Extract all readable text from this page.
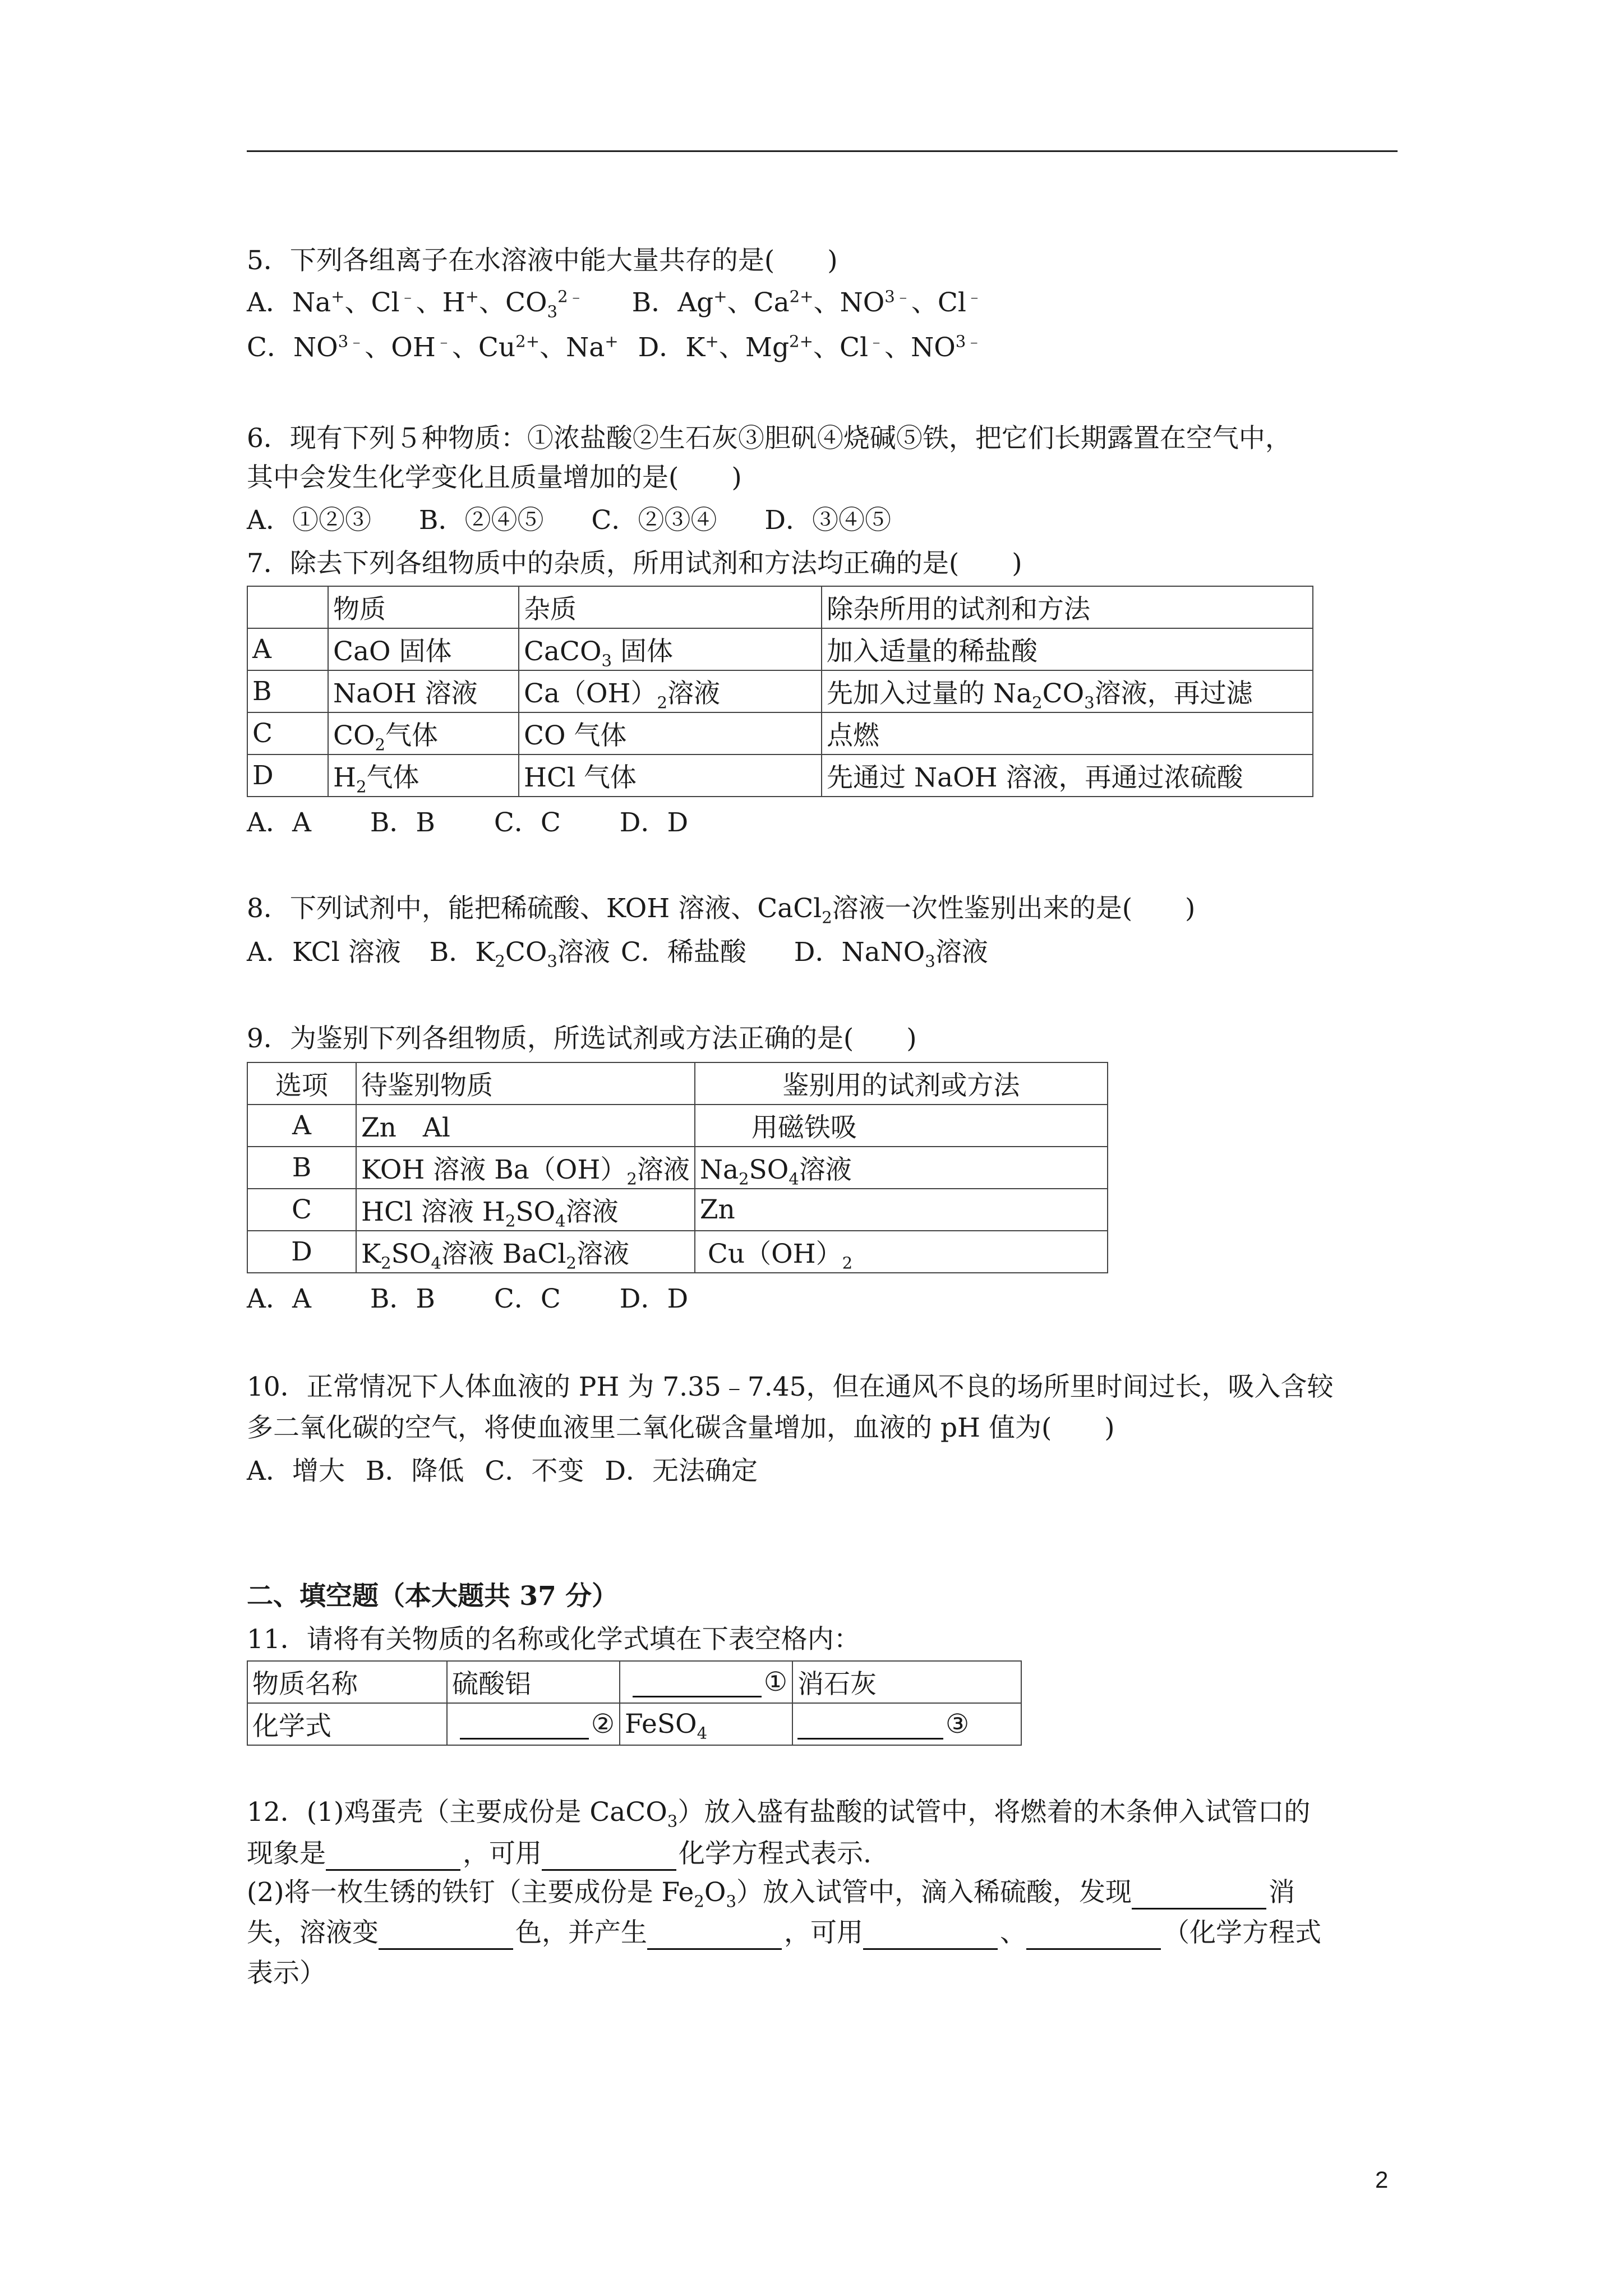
5．下列各组离子在水溶液中能大量共存的是(　　)
A．Na+、Cl﹣、H+、$CO_3^{2﹣}$ B．Ag+、$Ca^{2+}$、$NO^{3﹣}$、Cl﹣
C．$NO^{3﹣}$、OH﹣、$Cu^{2+}$、Na+ D．K+、$Mg^{2+}$、Cl﹣、$NO^{3﹣}$
6．现有下列５种物质：①浓盐酸②生石灰③胆矾④烧碱⑤铁，把它们长期露置在空气中，
其中会发生化学变化且质量增加的是(　　)
A．①②③ B．②④⑤ C．②③④ D．③④⑤
7．除去下列各组物质中的杂质，所用试剂和方法均正确的是(　　)
	物质	杂质	除杂所用的试剂和方法
A	CaO 固体	CaCO$_3$ 固体	加入适量的稀盐酸
B	NaOH 溶液	$Ca(OH)_2$溶液	先加入过量的 $Na_2CO_3$溶液，再过滤
C	$CO_2$气体	CO 气体	点燃
D	$H_2$气体	HCl 气体	先通过 NaOH 溶液，再通过浓硫酸
A．A B．B C．C D．D
8．下列试剂中，能把稀硫酸、KOH 溶液、CaCl$_2$溶液一次性鉴别出来的是(　　)
A．KCl 溶液 B．$K_2CO_3$溶液 C．稀盐酸 D．NaNO$_3$溶液
9．为鉴别下列各组物质，所选试剂或方法正确的是(　　)
选项	待鉴别物质	鉴别用的试剂或方法
A	Zn　Al	用磁铁吸
B	KOH 溶液 $Ba(OH)_2$溶液	$Na_2SO_4$溶液
C	HCl 溶液 $H_2SO_4$溶液	Zn
D	$K_2SO_4$溶液 BaCl$_2$溶液	$Cu(OH)_2$
A．A B．B C．C D．D
10．正常情况下人体血液的 PH 为 7.35﹣7.45，但在通风不良的场所里时间过长，吸入含较
多二氧化碳的空气，将使血液里二氧化碳含量增加，血液的 pH 值为(　　)
A．增大 B．降低 C．不变 D．无法确定
二、填空题（本大题共 37 分）
11．请将有关物质的名称或化学式填在下表空格内：
物质名称	硫酸铝	①	消石灰
化学式	②	FeSO$_4$	③
12．(1)鸡蛋壳（主要成份是 CaCO$_3$）放入盛有盐酸的试管中，将燃着的木条伸入试管口的
现象是	，可用	化学方程式表示.
(2)将一枚生锈的铁钉（主要成份是 $Fe_2O_3$）放入试管中，滴入稀硫酸，发现	消
失，溶液变	色，并产生	，可用	、	（化学方程式
表示）
2
